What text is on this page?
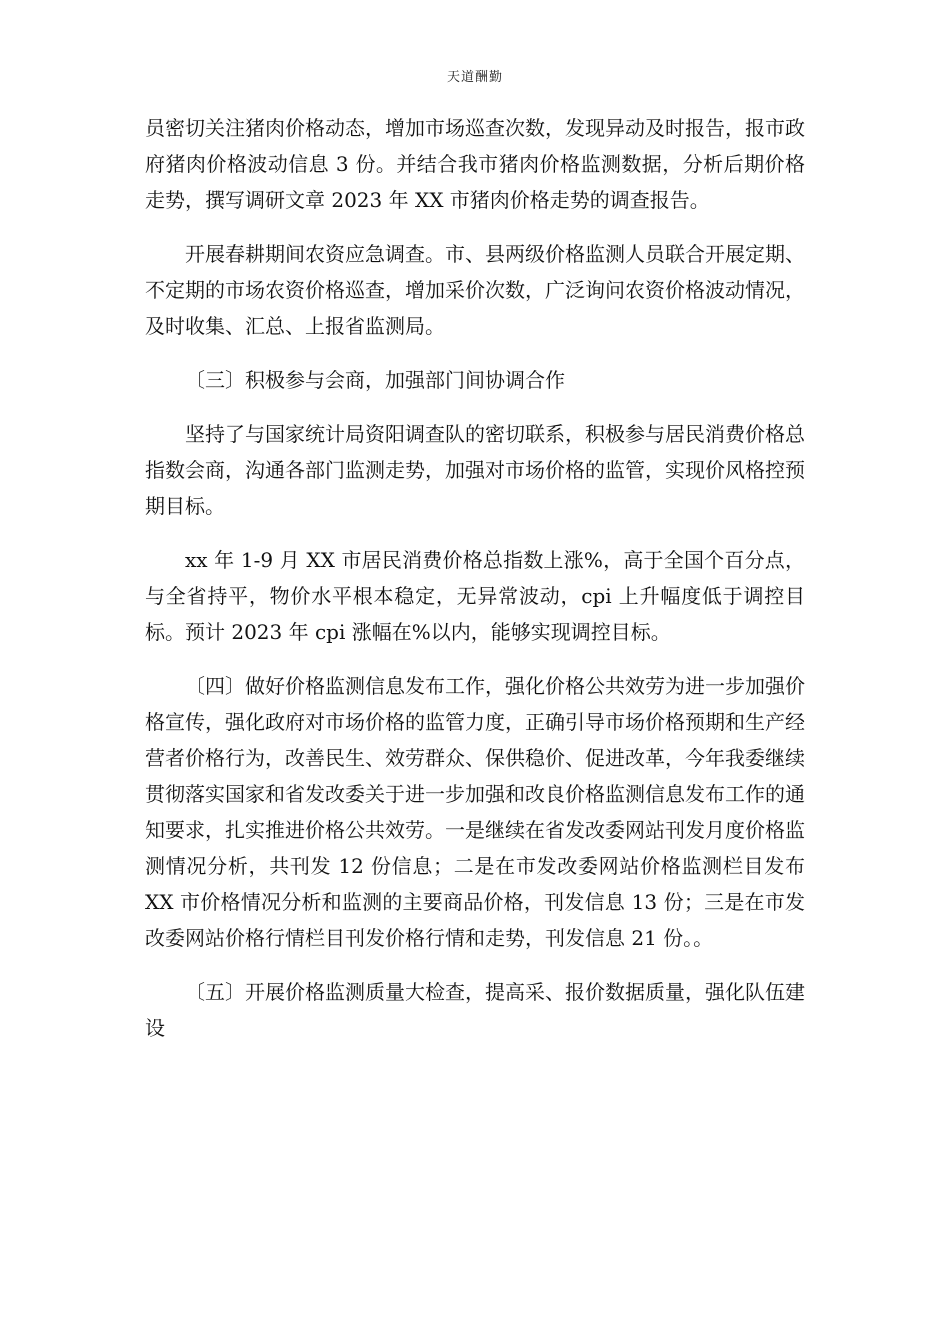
天道酬勤

员密切关注猪肉价格动态，增加市场巡查次数，发现异动及时报告，报市政府猪肉价格波动信息 3 份。并结合我市猪肉价格监测数据，分析后期价格走势，撰写调研文章 2023 年 XX 市猪肉价格走势的调查报告。

开展春耕期间农资应急调查。市、县两级价格监测人员联合开展定期、不定期的市场农资价格巡查，增加采价次数，广泛询问农资价格波动情况，及时收集、汇总、上报省监测局。

〔三〕积极参与会商，加强部门间协调合作

坚持了与国家统计局资阳调查队的密切联系，积极参与居民消费价格总指数会商，沟通各部门监测走势，加强对市场价格的监管，实现价风格控预期目标。

xx 年 1-9 月 XX 市居民消费价格总指数上涨%，高于全国个百分点，与全省持平，物价水平根本稳定，无异常波动，cpi 上升幅度低于调控目标。预计 2023 年 cpi 涨幅在%以内，能够实现调控目标。

〔四〕做好价格监测信息发布工作，强化价格公共效劳为进一步加强价格宣传，强化政府对市场价格的监管力度，正确引导市场价格预期和生产经营者价格行为，改善民生、效劳群众、保供稳价、促进改革，今年我委继续贯彻落实国家和省发改委关于进一步加强和改良价格监测信息发布工作的通知要求，扎实推进价格公共效劳。一是继续在省发改委网站刊发月度价格监测情况分析，共刊发 12 份信息；二是在市发改委网站价格监测栏目发布 XX 市价格情况分析和监测的主要商品价格，刊发信息 13 份；三是在市发改委网站价格行情栏目刊发价格行情和走势，刊发信息 21 份。。

〔五〕开展价格监测质量大检查，提高采、报价数据质量，强化队伍建设
